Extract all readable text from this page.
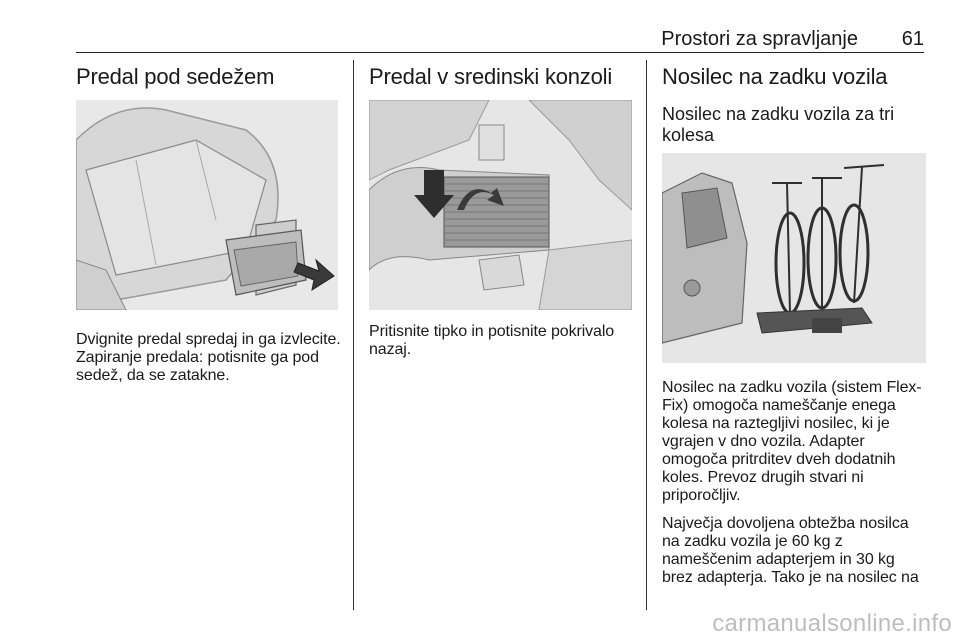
Prostori za spravljanje 61
Predal pod sedežem

Dvignite predal spredaj in ga izvlecite. Zapiranje predala: potisnite ga pod sedež, da se zatakne.

Predal v sredinski konzoli

Pritisnite tipko in potisnite pokrivalo nazaj.

Nosilec na zadku vozila
Nosilec na zadku vozila za tri kolesa

Nosilec na zadku vozila (sistem Flex-Fix) omogoča nameščanje enega kolesa na raztegljivi nosilec, ki je vgrajen v dno vozila. Adapter omogoča pritrditev dveh dodatnih koles. Prevoz drugih stvari ni priporočljiv.

Največja dovoljena obtežba nosilca na zadku vozila je 60 kg z nameščenim adapterjem in 30 kg brez adapterja. Tako je na nosilec na

carmanualsonline.info
